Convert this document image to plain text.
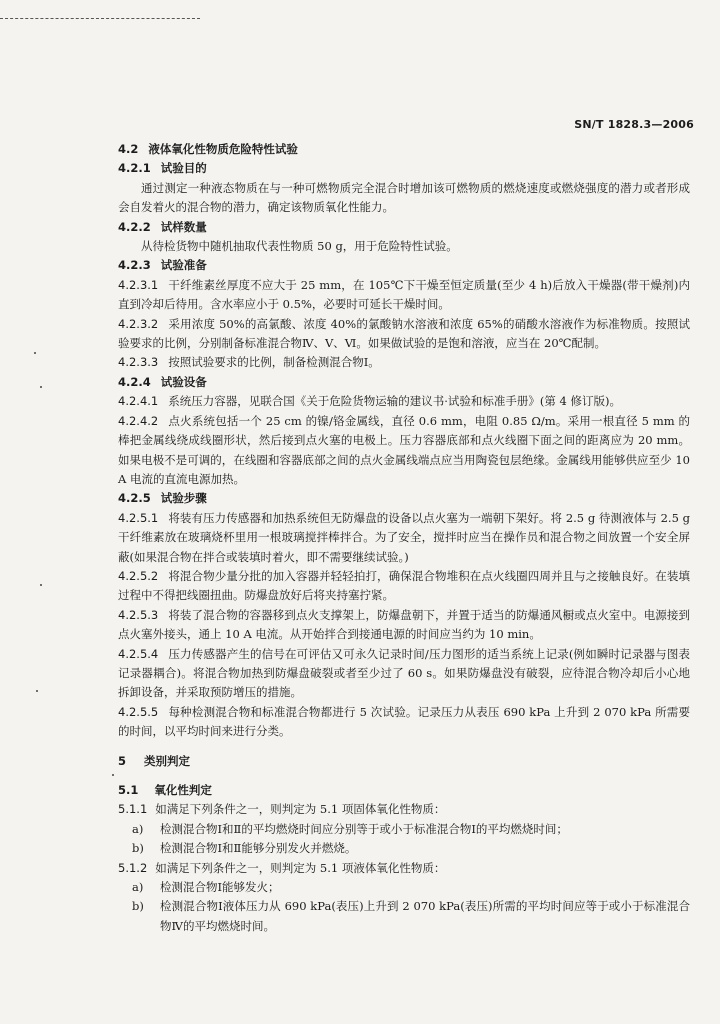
SN/T 1828.3—2006
4.2 液体氧化性物质危险特性试验
4.2.1 试验目的
通过测定一种液态物质在与一种可燃物质完全混合时增加该可燃物质的燃烧速度或燃烧强度的潜力或者形成会自发着火的混合物的潜力，确定该物质氧化性能力。
4.2.2 试样数量
从待检货物中随机抽取代表性物质 50 g，用于危险特性试验。
4.2.3 试验准备
4.2.3.1 干纤维素丝厚度不应大于 25 mm，在 105℃下干燥至恒定质量(至少 4 h)后放入干燥器(带干燥剂)内直到冷却后待用。含水率应小于 0.5%，必要时可延长干燥时间。
4.2.3.2 采用浓度 50%的高氯酸、浓度 40%的氯酸钠水溶液和浓度 65%的硝酸水溶液作为标准物质。按照试验要求的比例，分别制备标准混合物Ⅳ、Ⅴ、Ⅵ。如果做试验的是饱和溶液，应当在 20℃配制。
4.2.3.3 按照试验要求的比例，制备检测混合物Ⅰ。
4.2.4 试验设备
4.2.4.1 系统压力容器，见联合国《关于危险货物运输的建议书·试验和标准手册》(第 4 修订版)。
4.2.4.2 点火系统包括一个 25 cm 的镍/铬金属线，直径 0.6 mm，电阻 0.85 Ω/m。采用一根直径 5 mm 的棒把金属线绕成线圈形状，然后接到点火塞的电极上。压力容器底部和点火线圈下面之间的距离应为 20 mm。如果电极不是可调的，在线圈和容器底部之间的点火金属线端点应当用陶瓷包层绝缘。金属线用能够供应至少 10 A 电流的直流电源加热。
4.2.5 试验步骤
4.2.5.1 将装有压力传感器和加热系统但无防爆盘的设备以点火塞为一端朝下架好。将 2.5 g 待测液体与 2.5 g 干纤维素放在玻璃烧杯里用一根玻璃搅拌棒拌合。为了安全，搅拌时应当在操作员和混合物之间放置一个安全屏蔽(如果混合物在拌合或装填时着火，即不需要继续试验。)
4.2.5.2 将混合物少量分批的加入容器并轻轻拍打，确保混合物堆积在点火线圈四周并且与之接触良好。在装填过程中不得把线圈扭曲。防爆盘放好后将夹持塞拧紧。
4.2.5.3 将装了混合物的容器移到点火支撑架上，防爆盘朝下，并置于适当的防爆通风橱或点火室中。电源接到点火塞外接头，通上 10 A 电流。从开始拌合到接通电源的时间应当约为 10 min。
4.2.5.4 压力传感器产生的信号在可评估又可永久记录时间/压力图形的适当系统上记录(例如瞬时记录器与图表记录器耦合)。将混合物加热到防爆盘破裂或者至少过了 60 s。如果防爆盘没有破裂，应待混合物冷却后小心地拆卸设备，并采取预防增压的措施。
4.2.5.5 每种检测混合物和标准混合物都进行 5 次试验。记录压力从表压 690 kPa 上升到 2 070 kPa 所需要的时间，以平均时间来进行分类。
5 类别判定
5.1 氧化性判定
5.1.1 如满足下列条件之一，则判定为 5.1 项固体氧化性物质：
a)	检测混合物Ⅰ和Ⅱ的平均燃烧时间应分别等于或小于标准混合物Ⅰ的平均燃烧时间；
b)	检测混合物Ⅰ和Ⅱ能够分别发火并燃烧。
5.1.2 如满足下列条件之一，则判定为 5.1 项液体氧化性物质：
a)	检测混合物Ⅰ能够发火；
b)	检测混合物Ⅰ液体压力从 690 kPa(表压)上升到 2 070 kPa(表压)所需的平均时间应等于或小于标准混合物Ⅳ的平均燃烧时间。
